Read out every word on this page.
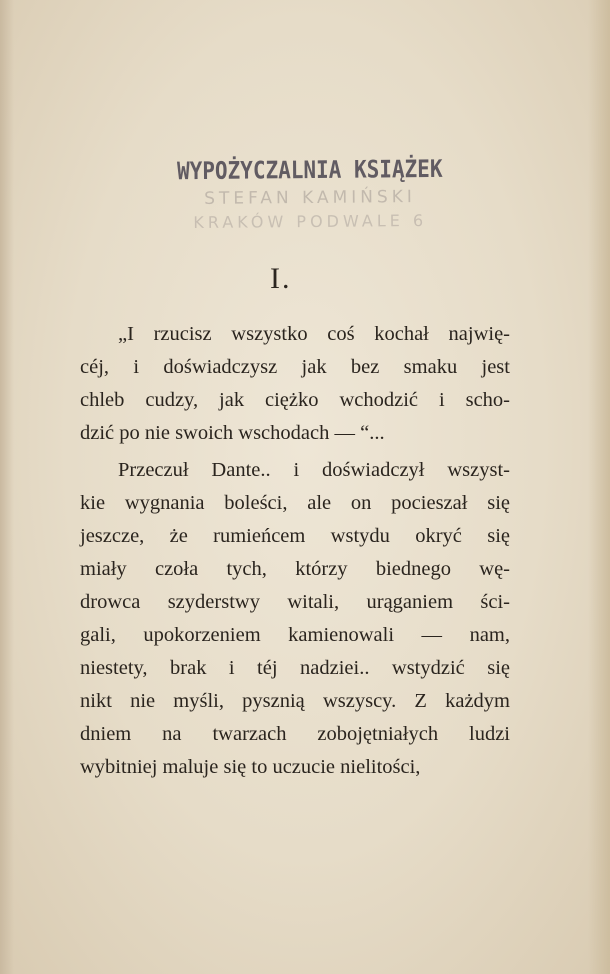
WYPOŻYCZALNIA KSIĄŻEK
STEFAN KAMIŃSKI
KRAKÓW PODWALE 6
I.
„I rzucisz wszystko coś kochał najwię-
céj, i doświadczysz jak bez smaku jest
chleb cudzy, jak ciężko wchodzić i scho-
dzić po nie swoich wschodach — “...
Przeczuł Dante.. i doświadczył wszyst-
kie wygnania boleści, ale on pocieszał się
jeszcze, że rumieńcem wstydu okryć się
miały czoła tych, którzy biednego wę-
drowca szyderstwy witali, urąganiem ści-
gali, upokorzeniem kamienowali — nam,
niestety, brak i téj nadziei.. wstydzić się
nikt nie myśli, pysznią wszyscy. Z każdym
dniem na twarzach zobojętniałych ludzi
wybitniej maluje się to uczucie nielitości,
